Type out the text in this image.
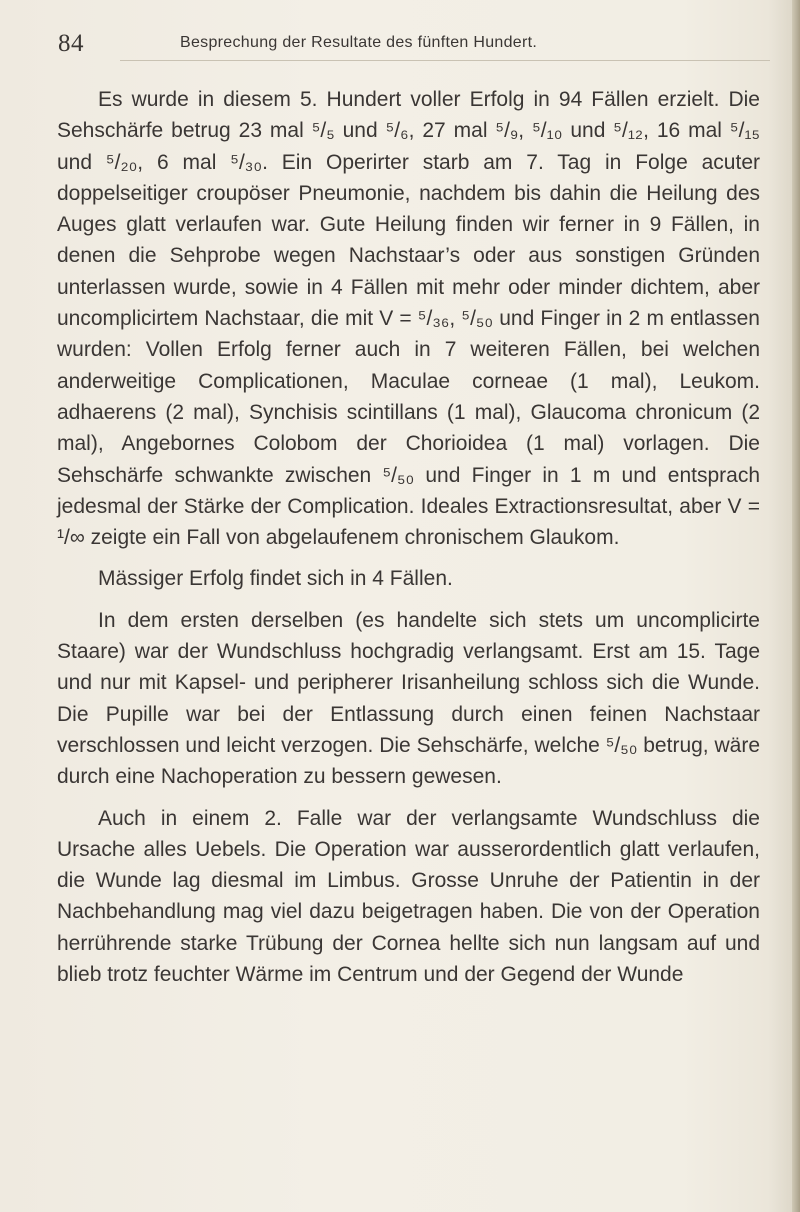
84	Besprechung der Resultate des fünften Hundert.

Es wurde in diesem 5. Hundert voller Erfolg in 94 Fällen erzielt. Die Sehschärfe betrug 23 mal ⁵/₅ und ⁵/₆, 27 mal ⁵/₉, ⁵/₁₀ und ⁵/₁₂, 16 mal ⁵/₁₅ und ⁵/₂₀, 6 mal ⁵/₃₀. Ein Operirter starb am 7. Tag in Folge acuter doppelseitiger croupöser Pneumonie, nachdem bis dahin die Heilung des Auges glatt verlaufen war. Gute Heilung finden wir ferner in 9 Fällen, in denen die Sehprobe wegen Nachstaar’s oder aus sonstigen Gründen unterlassen wurde, sowie in 4 Fällen mit mehr oder minder dichtem, aber uncomplicirtem Nachstaar, die mit V = ⁵/₃₆, ⁵/₅₀ und Finger in 2 m entlassen wurden: Vollen Erfolg ferner auch in 7 weiteren Fällen, bei welchen anderweitige Complicationen, Maculae corneae (1 mal), Leukom. adhaerens (2 mal), Synchisis scintillans (1 mal), Glaucoma chronicum (2 mal), Angebornes Colobom der Chorioidea (1 mal) vorlagen. Die Sehschärfe schwankte zwischen ⁵/₅₀ und Finger in 1 m und entsprach jedesmal der Stärke der Complication. Ideales Extractionsresultat, aber V = ¹/∞ zeigte ein Fall von abgelaufenem chronischem Glaukom.

Mässiger Erfolg findet sich in 4 Fällen.

In dem ersten derselben (es handelte sich stets um uncomplicirte Staare) war der Wundschluss hochgradig verlangsamt. Erst am 15. Tage und nur mit Kapsel- und peripherer Irisanheilung schloss sich die Wunde. Die Pupille war bei der Entlassung durch einen feinen Nachstaar verschlossen und leicht verzogen. Die Sehschärfe, welche ⁵/₅₀ betrug, wäre durch eine Nachoperation zu bessern gewesen.

Auch in einem 2. Falle war der verlangsamte Wundschluss die Ursache alles Uebels. Die Operation war ausserordentlich glatt verlaufen, die Wunde lag diesmal im Limbus. Grosse Unruhe der Patientin in der Nachbehandlung mag viel dazu beigetragen haben. Die von der Operation herrührende starke Trübung der Cornea hellte sich nun langsam auf und blieb trotz feuchter Wärme im Centrum und der Gegend der Wunde
